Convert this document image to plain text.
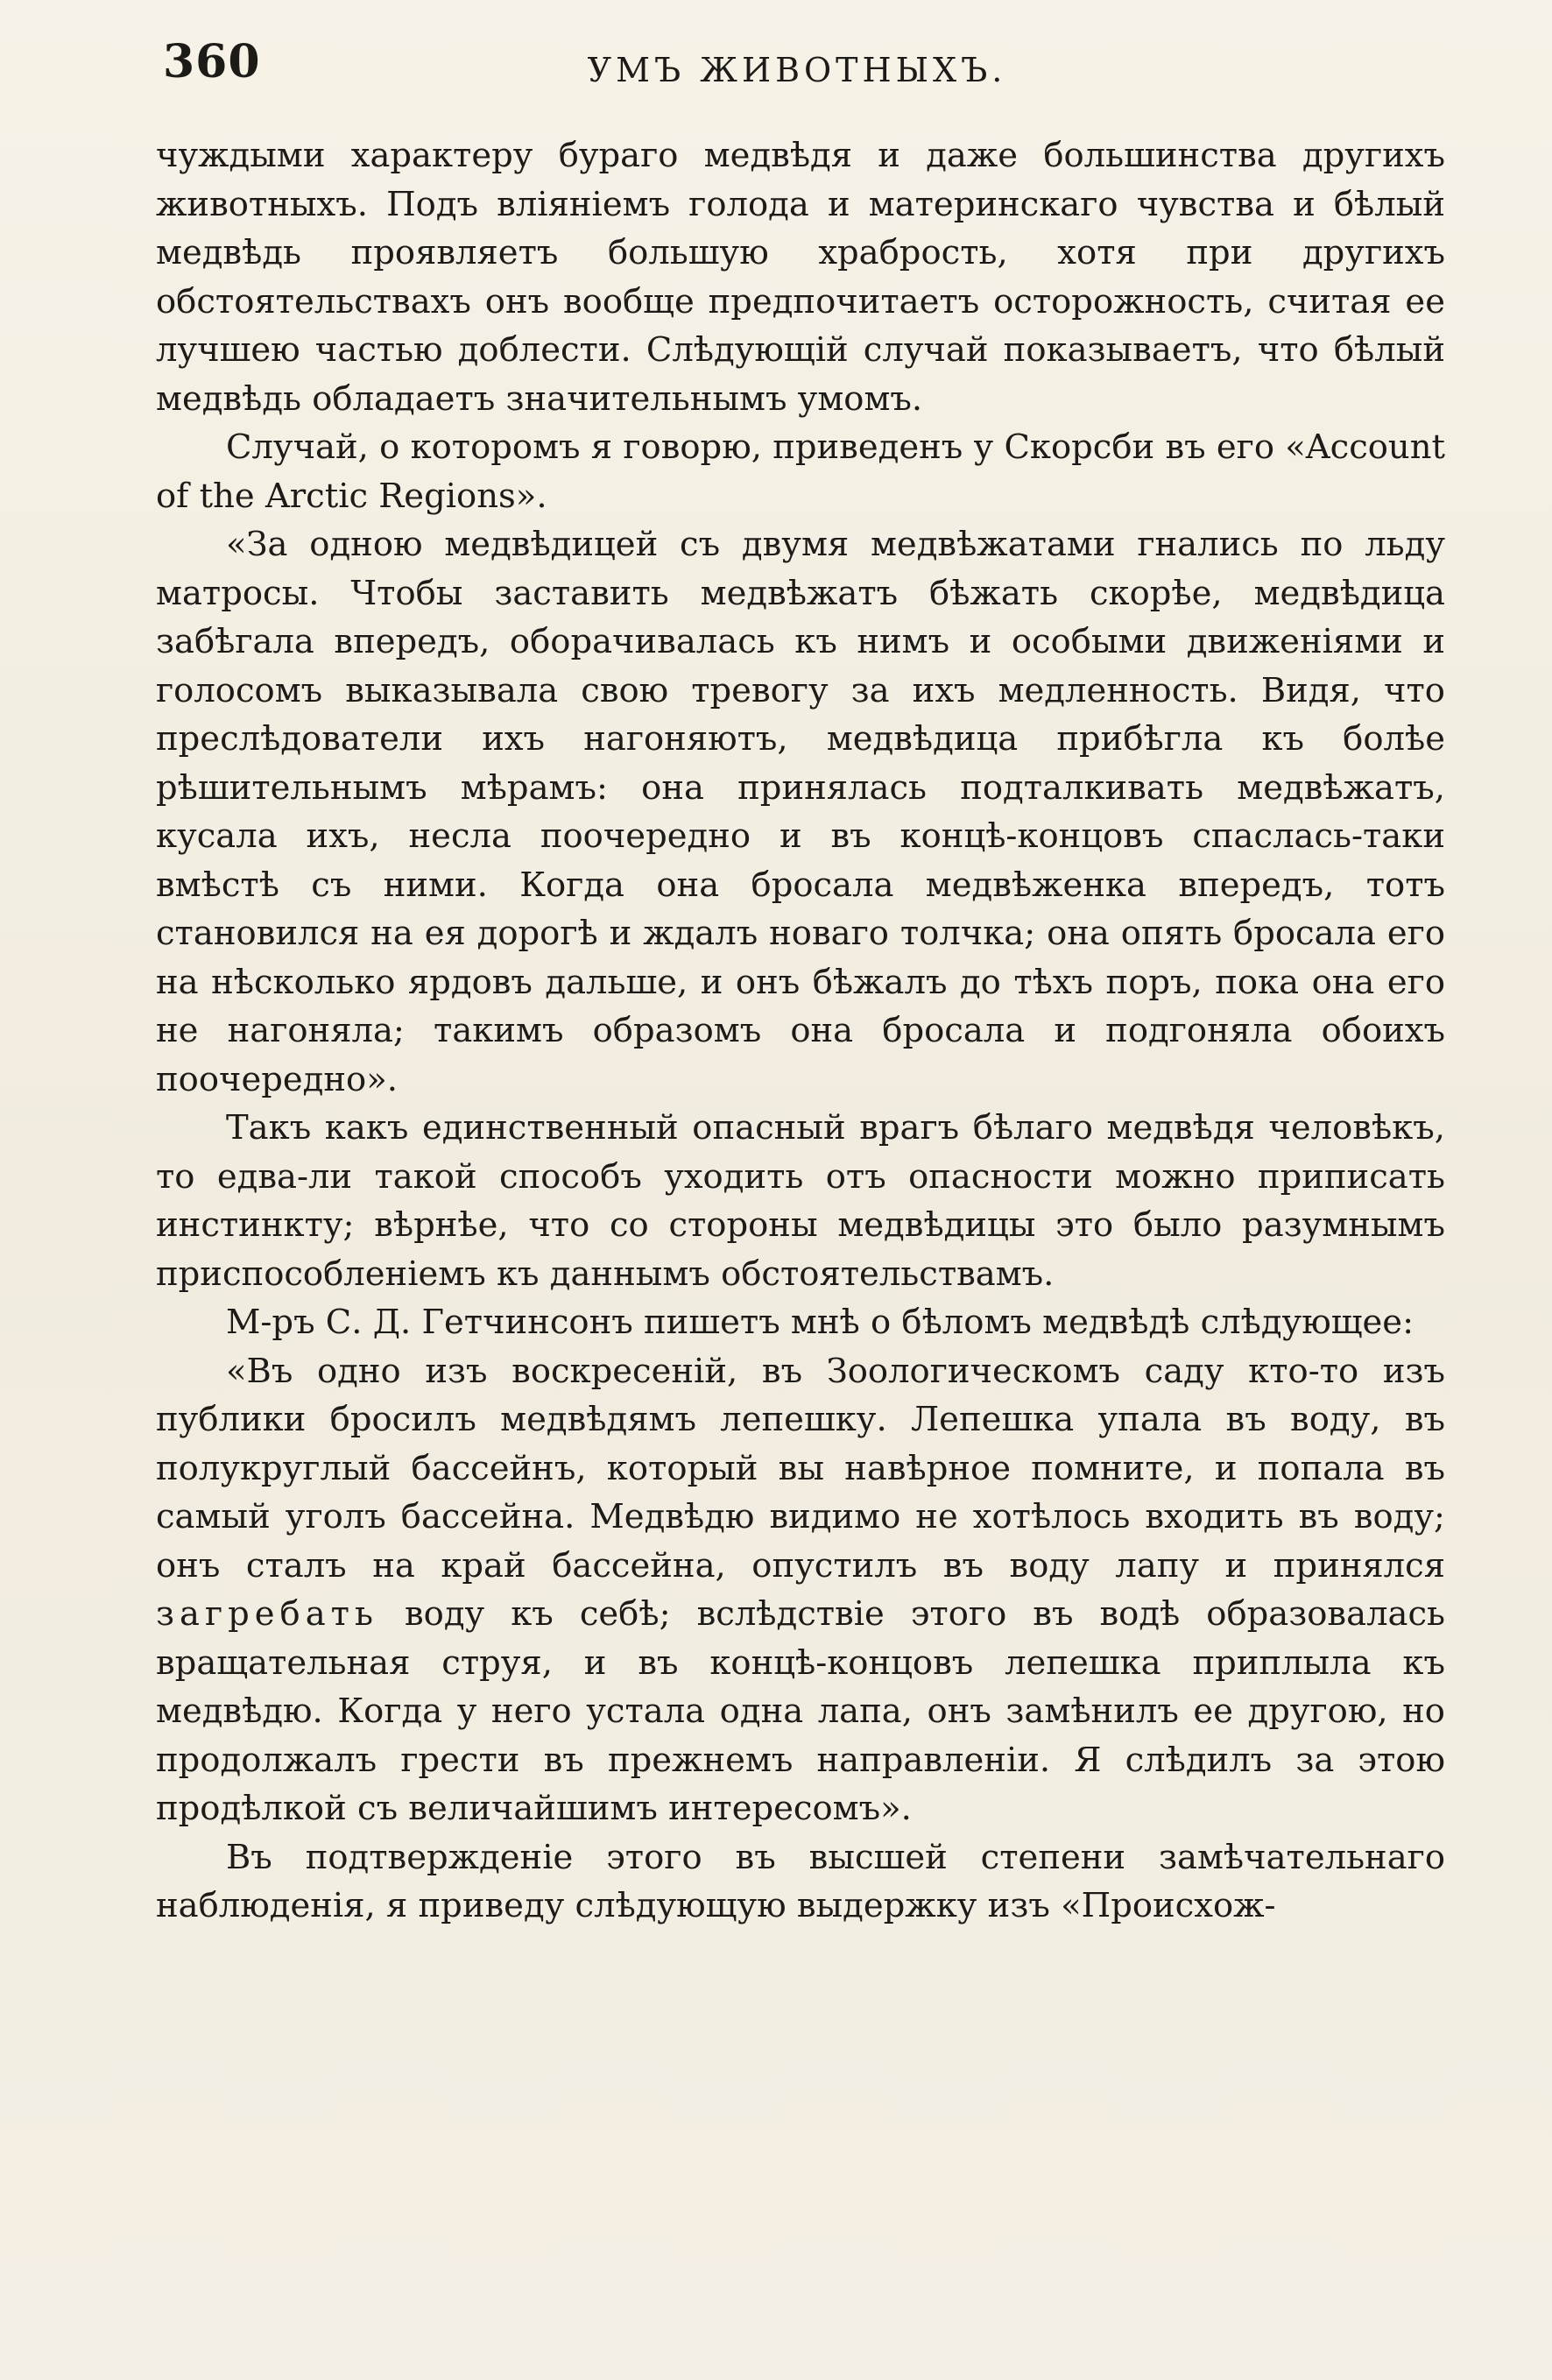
360	УМЪ ЖИВОТНЫХЪ.

чуждыми характеру бураго медвѣдя и даже большинства другихъ животныхъ. Подъ вліяніемъ голода и материнскаго чувства и бѣлый медвѣдь проявляетъ большую храбрость, хотя при другихъ обстоятельствахъ онъ вообще предпочитаетъ осторожность, считая ее лучшею частью доблести. Слѣдующій случай показываетъ, что бѣлый медвѣдь обладаетъ значительнымъ умомъ.

Случай, о которомъ я говорю, приведенъ у Скорсби въ его «Account of the Arctic Regions».

«За одною медвѣдицей съ двумя медвѣжатами гнались по льду матросы. Чтобы заставить медвѣжатъ бѣжать скорѣе, медвѣдица забѣгала впередъ, оборачивалась къ нимъ и особыми движеніями и голосомъ выказывала свою тревогу за ихъ медленность. Видя, что преслѣдователи ихъ нагоняютъ, медвѣдица прибѣгла къ болѣе рѣшительнымъ мѣрамъ: она принялась подталкивать медвѣжатъ, кусала ихъ, несла поочередно и въ концѣ-концовъ спаслась-таки вмѣстѣ съ ними. Когда она бросала медвѣженка впередъ, тотъ становился на ея дорогѣ и ждалъ новаго толчка; она опять бросала его на нѣсколько ярдовъ дальше, и онъ бѣжалъ до тѣхъ поръ, пока она его не нагоняла; такимъ образомъ она бросала и подгоняла обоихъ поочередно».

Такъ какъ единственный опасный врагъ бѣлаго медвѣдя человѣкъ, то едва-ли такой способъ уходить отъ опасности можно приписать инстинкту; вѣрнѣе, что со стороны медвѣдицы это было разумнымъ приспособленіемъ къ даннымъ обстоятельствамъ.

М-ръ С. Д. Гетчинсонъ пишетъ мнѣ о бѣломъ медвѣдѣ слѣдующее:

«Въ одно изъ воскресеній, въ Зоологическомъ саду кто-то изъ публики бросилъ медвѣдямъ лепешку. Лепешка упала въ воду, въ полукруглый бассейнъ, который вы навѣрное помните, и попала въ самый уголъ бассейна. Медвѣдю видимо не хотѣлось входить въ воду; онъ сталъ на край бассейна, опустилъ въ воду лапу и принялся загребать воду къ себѣ; вслѣдствіе этого въ водѣ образовалась вращательная струя, и въ концѣ-концовъ лепешка приплыла къ медвѣдю. Когда у него устала одна лапа, онъ замѣнилъ ее другою, но продолжалъ грести въ прежнемъ направленіи. Я слѣдилъ за этою продѣлкой съ величайшимъ интересомъ».

Въ подтвержденіе этого въ высшей степени замѣчательнаго наблюденія, я приведу слѣдующую выдержку изъ «Происхож-
